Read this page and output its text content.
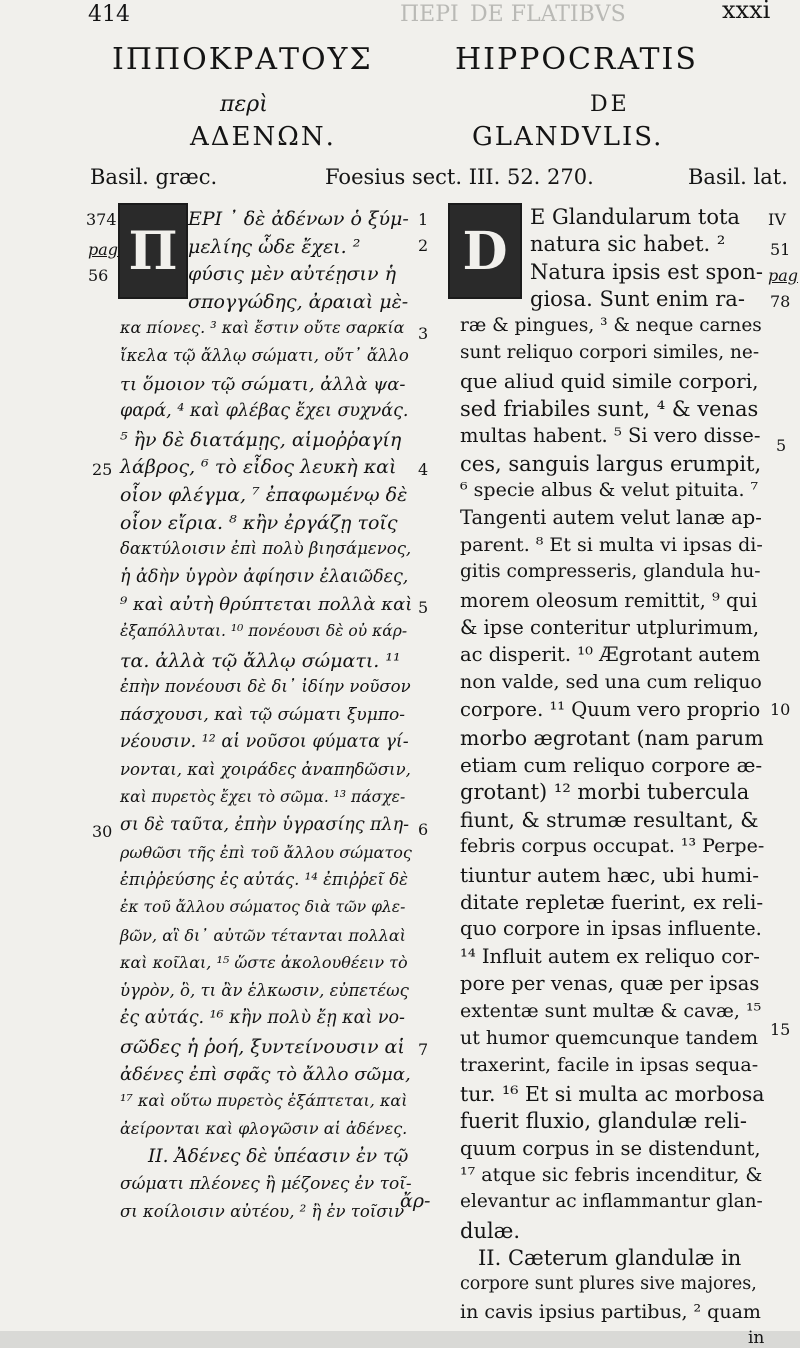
ΠΕΡΙ DE FLATIBVS
414	xxxi
ΙΠΠΟΚΡΑΤΟΥΣ	HIPPOCRATIS
περὶ	DE
ΑΔΕΝΩΝ.	GLANDVLIS.
Basil. græc.	Foesius sect. III. 52. 270.	Basil. lat.
Π
ΕΡΙ ᾿ δὲ ἀδένων ὁ ξύμ-
μελίης ὧδε ἔχει. ²
φύσις μὲν αὐτέῃσιν ἡ
σπογγώδης, ἀραιαὶ μὲ-
κα πίονες. ³ καὶ ἔστιν οὔτε σαρκία
ἴκελα τῷ ἄλλῳ σώματι, οὔτ᾿ ἄλλο
τι ὅμοιον τῷ σώματι, ἀλλὰ ψα-
φαρά, ⁴ καὶ φλέβας ἔχει συχνάς.
⁵ ἢν δὲ διατάμῃς, αἱμοῤῥαγίη
λάβρος, ⁶ τὸ εἶδος λευκὴ καὶ
οἷον φλέγμα, ⁷ ἐπαφωμένῳ δὲ
οἷον εἴρια. ⁸ κἢν ἐργάζῃ τοῖς
δακτύλοισιν ἐπὶ πολὺ βιησάμενος,
ἡ ἀδὴν ὑγρὸν ἀφίησιν ἐλαιῶδες,
⁹ καὶ αὐτὴ θρύπτεται πολλὰ καὶ
ἐξαπόλλυται. ¹⁰ πονέουσι δὲ οὐ κάρ-
τα. ἀλλὰ τῷ ἄλλῳ σώματι. ¹¹
ἐπὴν πονέουσι δὲ δι᾿ ἰδίην νοῦσον
πάσχουσι, καὶ τῷ σώματι ξυμπο-
νέουσιν. ¹² αἱ νοῦσοι φύματα γί-
νονται, καὶ χοιράδες ἀναπηδῶσιν,
καὶ πυρετὸς ἔχει τὸ σῶμα. ¹³ πάσχε-
σι δὲ ταῦτα, ἐπὴν ὑγρασίης πλη-
ρωθῶσι τῆς ἐπὶ τοῦ ἄλλου σώματος
ἐπιῤῥεύσης ἐς αὐτάς. ¹⁴ ἐπιῤῥεῖ δὲ
ἐκ τοῦ ἄλλου σώματος διὰ τῶν φλε-
βῶν, αἳ δι᾿ αὐτῶν τέτανται πολλαὶ
καὶ κοῖλαι, ¹⁵ ὥστε ἀκολουθέειν τὸ
ὑγρὸν, ὃ, τι ἂν ἑλκωσιν, εὐπετέως
ἐς αὐτάς. ¹⁶ κἢν πολὺ ἔῃ καὶ νο-
σῶδες ἡ ῥοή, ξυντείνουσιν αἱ
ἀδένες ἐπὶ σφᾶς τὸ ἄλλο σῶμα,
¹⁷ καὶ οὕτω πυρετὸς ἐξάπτεται, καὶ
ἀείρονται καὶ φλογῶσιν αἱ ἀδένες.
II. Ἀδένες δὲ ὑπέασιν ἐν τῷ
σώματι πλέονες ἢ μέζονες ἐν τοῖ-
σι κοίλοισιν αὐτέου, ² ἢ ἐν τοῖσιν
D
E Glandularum tota
natura sic habet. ²
Natura ipsis est spon-
giosa. Sunt enim ra-
ræ & pingues, ³ & neque carnes
sunt reliquo corpori similes, ne-
que aliud quid simile corpori,
sed friabiles sunt, ⁴ & venas
multas habent. ⁵ Si vero disse-
ces, sanguis largus erumpit,
⁶ specie albus & velut pituita. ⁷
Tangenti autem velut lanæ ap-
parent. ⁸ Et si multa vi ipsas di-
gitis compresseris, glandula hu-
morem oleosum remittit, ⁹ qui
& ipse conteritur utplurimum,
ac disperit. ¹⁰ Ægrotant autem
non valde, sed una cum reliquo
corpore. ¹¹ Quum vero proprio
morbo ægrotant (nam parum
etiam cum reliquo corpore æ-
grotant) ¹² morbi tubercula
fiunt, & strumæ resultant, &
febris corpus occupat. ¹³ Perpe-
tiuntur autem hæc, ubi humi-
ditate repletæ fuerint, ex reli-
quo corpore in ipsas influente.
¹⁴ Influit autem ex reliquo cor-
pore per venas, quæ per ipsas
extentæ sunt multæ & cavæ, ¹⁵
ut humor quemcunque tandem
traxerint, facile in ipsas sequa-
tur. ¹⁶ Et si multa ac morbosa
fuerit fluxio, glandulæ reli-
quum corpus in se distendunt,
¹⁷ atque sic febris incenditur, &
elevantur ac inflammantur glan-
dulæ.
II. Cæterum glandulæ in
corpore sunt plures sive majores,
in cavis ipsius partibus, ² quam
in
ἄρ-
374
pag
56
25
30
1
2
3
4
5
6
7
IV
51
pag
78
5
10
15
